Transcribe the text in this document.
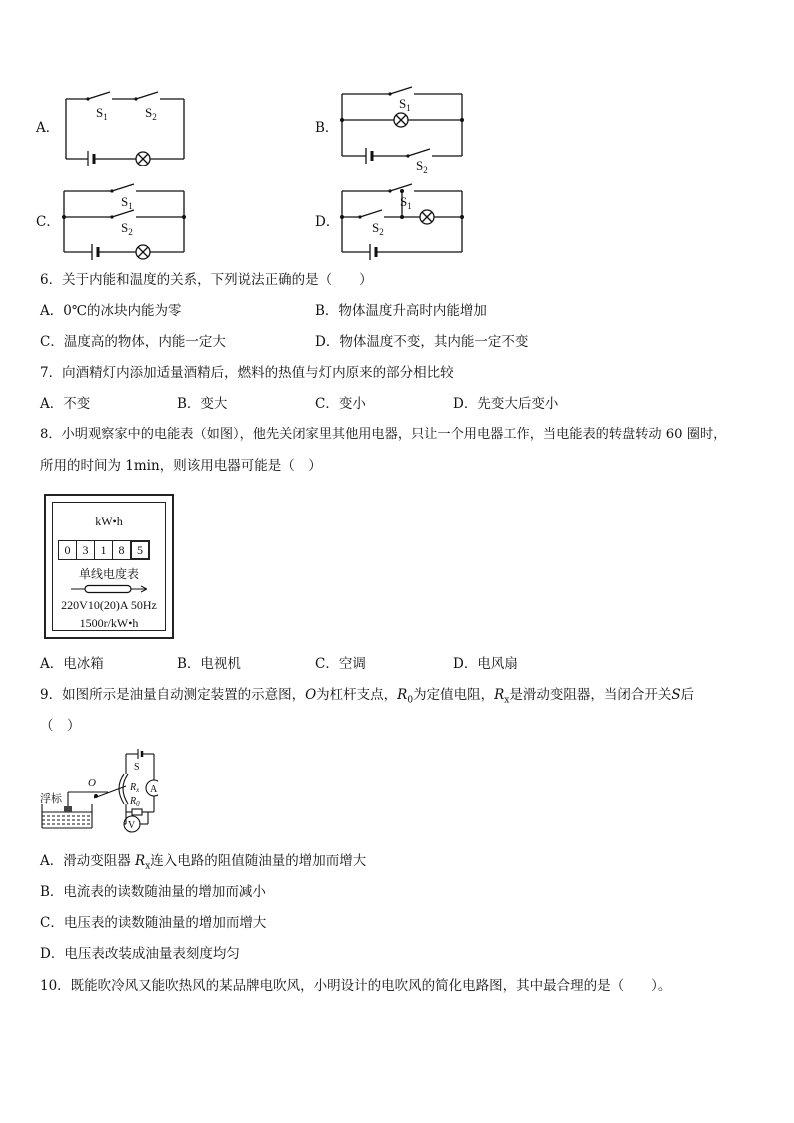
A．
$S_1$	$S_2$
B．
$S_1$
$S_2$
C．
$S_1$
$S_2$
D．
$S_1$
$S_2$
6．关于内能和温度的关系，下列说法正确的是（　　）
A．0℃的冰块内能为零	B．物体温度升高时内能增加
C．温度高的物体，内能一定大	D．物体温度不变，其内能一定不变
7．向酒精灯内添加适量酒精后，燃料的热值与灯内原来的部分相比较
A．不变	B．变大	C．变小	D．先变大后变小
8．小明观察家中的电能表（如图），他先关闭家里其他用电器，只让一个用电器工作，当电能表的转盘转动 60 圈时，
所用的时间为 1min，则该用电器可能是（　）
kW•h
0	3	1	8	5
单线电度表
220V10(20)A 50Hz
1500r/kW•h
A．电冰箱	B．电视机	C．空调	D．电风扇
9．如图所示是油量自动测定装置的示意图，O为杠杆支点，$R_0$为定值电阻，$R_x$是滑动变阻器，当闭合开关S后
（　）
浮标
O
S
$R_x$
$R_0$
A
V
A．滑动变阻器 $R_x$连入电路的阻值随油量的增加而增大
B．电流表的读数随油量的增加而减小
C．电压表的读数随油量的增加而增大
D．电压表改装成油量表刻度均匀
10．既能吹冷风又能吹热风的某品牌电吹风，小明设计的电吹风的简化电路图，其中最合理的是（　　）。
